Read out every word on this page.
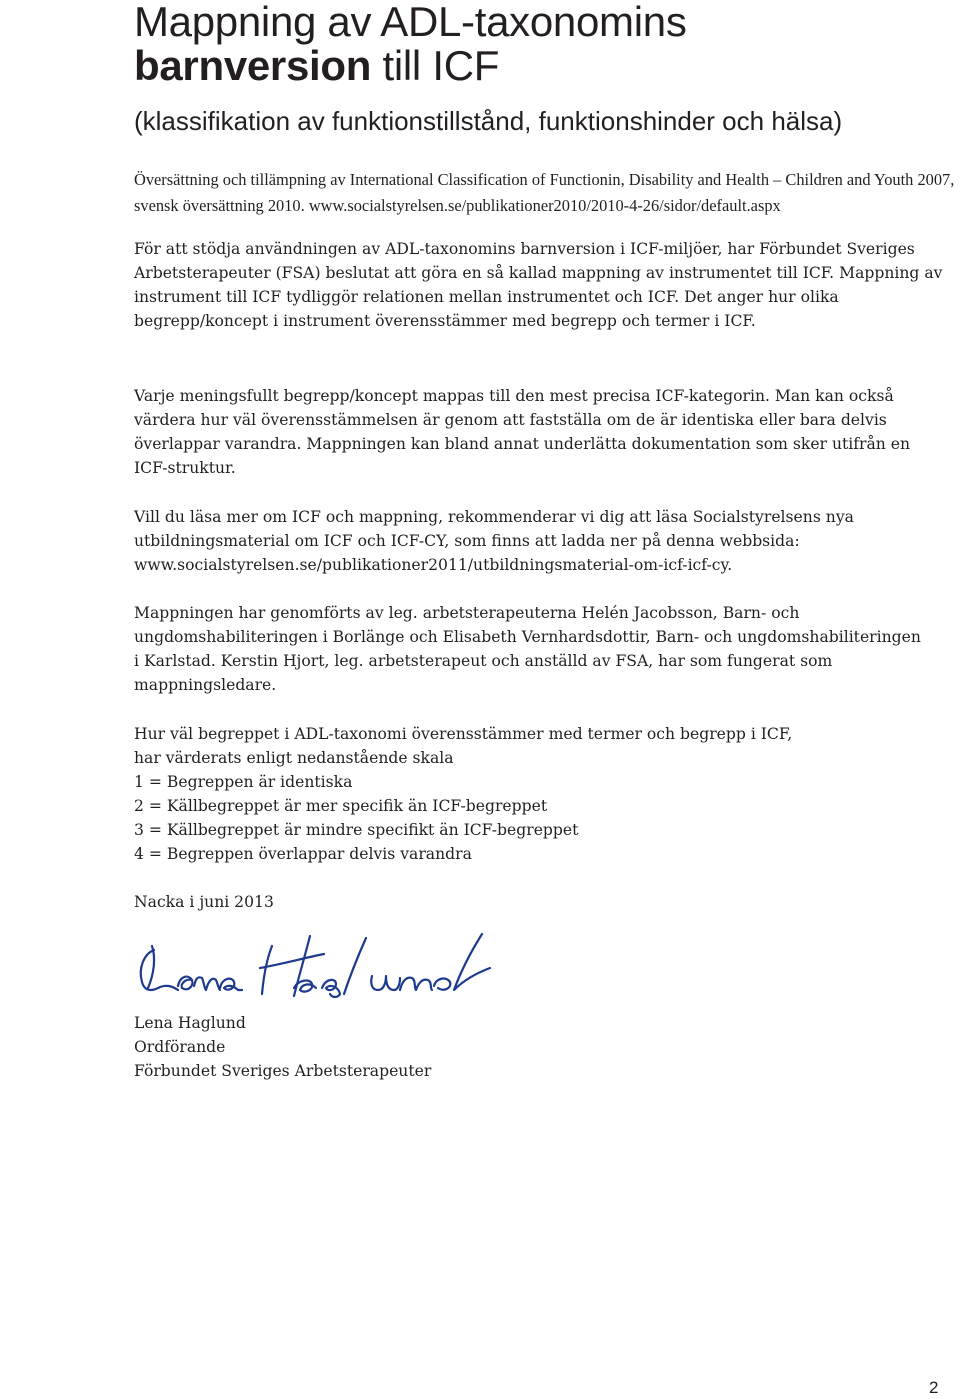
Mappning av ADL-taxonomins
barnversion till ICF

(klassifikation av funktionstillstånd, funktionshinder och hälsa)

Översättning och tillämpning av International Classification of Functionin, Disability and Health – Children and Youth 2007, svensk översättning 2010. www.socialstyrelsen.se/publikationer2010/2010-4-26/sidor/default.aspx

För att stödja användningen av ADL-taxonomins barnversion i ICF-miljöer, har Förbundet Sveriges Arbetsterapeuter (FSA) beslutat att göra en så kallad mappning av instrumentet till ICF. Mappning av instrument till ICF tydliggör relationen mellan instrumentet och ICF. Det anger hur olika begrepp/koncept i instrument överensstämmer med begrepp och termer i ICF.

Varje meningsfullt begrepp/koncept mappas till den mest precisa ICF-kategorin. Man kan också värdera hur väl överensstämmelsen är genom att fastställa om de är identiska eller bara delvis överlappar varandra. Mappningen kan bland annat underlätta dokumentation som sker utifrån en ICF-struktur.

Vill du läsa mer om ICF och mappning, rekommenderar vi dig att läsa Socialstyrelsens nya utbildningsmaterial om ICF och ICF-CY, som finns att ladda ner på denna webbsida: www.socialstyrelsen.se/publikationer2011/utbildningsmaterial-om-icf-icf-cy.

Mappningen har genomförts av leg. arbetsterapeuterna Helén Jacobsson, Barn- och ungdomshabiliteringen i Borlänge och Elisabeth Vernhardsdottir, Barn- och ungdomshabiliteringen i Karlstad. Kerstin Hjort, leg. arbetsterapeut och anställd av FSA, har som fungerat som mappningsledare.

Hur väl begreppet i ADL-taxonomi överensstämmer med termer och begrepp i ICF,
har värderats enligt nedanstående skala
1 = Begreppen är identiska
2 = Källbegreppet är mer specifik än ICF-begreppet
3 = Källbegreppet är mindre specifikt än ICF-begreppet
4 = Begreppen överlappar delvis varandra

Nacka i juni 2013

Lena Haglund
Ordförande
Förbundet Sveriges Arbetsterapeuter
2
